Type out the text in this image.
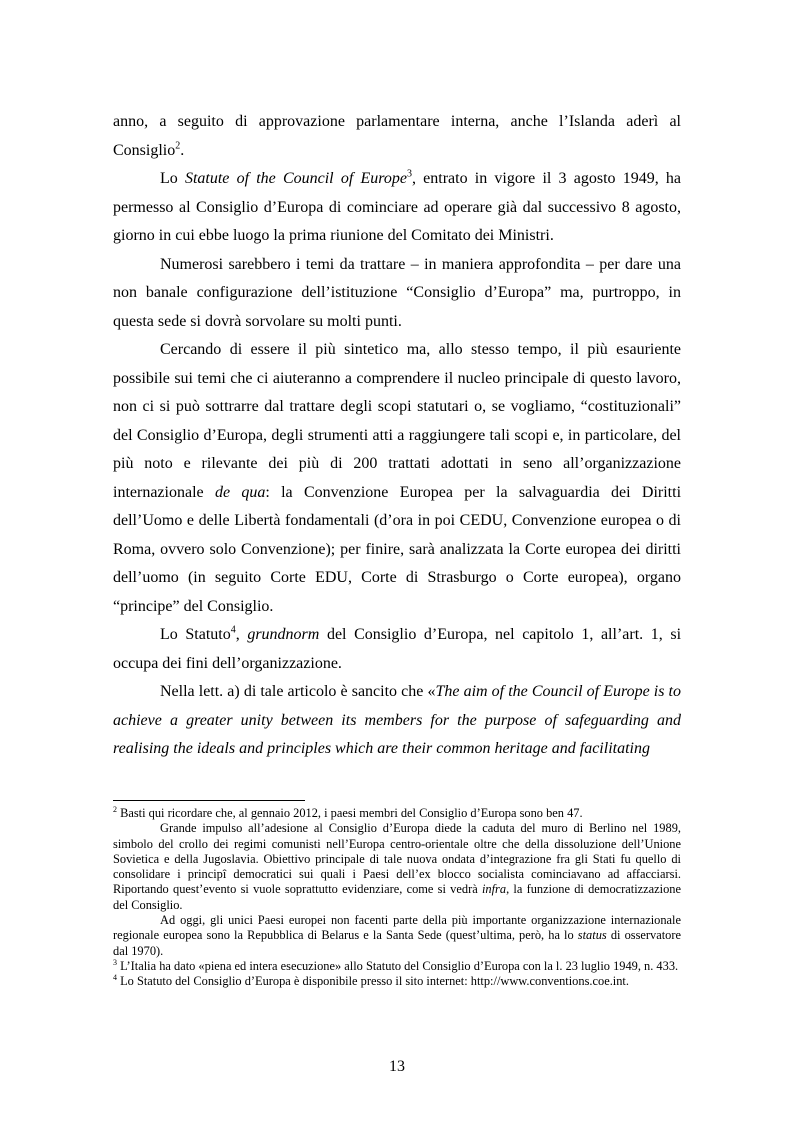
anno, a seguito di approvazione parlamentare interna, anche l’Islanda aderì al Consiglio$^2$.

Lo Statute of the Council of Europe$^3$, entrato in vigore il 3 agosto 1949, ha permesso al Consiglio d’Europa di cominciare ad operare già dal successivo 8 agosto, giorno in cui ebbe luogo la prima riunione del Comitato dei Ministri.

Numerosi sarebbero i temi da trattare – in maniera approfondita – per dare una non banale configurazione dell’istituzione “Consiglio d’Europa” ma, purtroppo, in questa sede si dovrà sorvolare su molti punti.

Cercando di essere il più sintetico ma, allo stesso tempo, il più esauriente possibile sui temi che ci aiuteranno a comprendere il nucleo principale di questo lavoro, non ci si può sottrarre dal trattare degli scopi statutari o, se vogliamo, “costituzionali” del Consiglio d’Europa, degli strumenti atti a raggiungere tali scopi e, in particolare, del più noto e rilevante dei più di 200 trattati adottati in seno all’organizzazione internazionale de qua: la Convenzione Europea per la salvaguardia dei Diritti dell’Uomo e delle Libertà fondamentali (d’ora in poi CEDU, Convenzione europea o di Roma, ovvero solo Convenzione); per finire, sarà analizzata la Corte europea dei diritti dell’uomo (in seguito Corte EDU, Corte di Strasburgo o Corte europea), organo “principe” del Consiglio.

Lo Statuto$^4$, grundnorm del Consiglio d’Europa, nel capitolo 1, all’art. 1, si occupa dei fini dell’organizzazione.

Nella lett. a) di tale articolo è sancito che «The aim of the Council of Europe is to achieve a greater unity between its members for the purpose of safeguarding and realising the ideals and principles which are their common heritage and facilitating

$^2$ Basti qui ricordare che, al gennaio 2012, i paesi membri del Consiglio d’Europa sono ben 47.

Grande impulso all’adesione al Consiglio d’Europa diede la caduta del muro di Berlino nel 1989, simbolo del crollo dei regimi comunisti nell’Europa centro-orientale oltre che della dissoluzione dell’Unione Sovietica e della Jugoslavia. Obiettivo principale di tale nuova ondata d’integrazione fra gli Stati fu quello di consolidare i principî democratici sui quali i Paesi dell’ex blocco socialista cominciavano ad affacciarsi. Riportando quest’evento si vuole soprattutto evidenziare, come si vedrà infra, la funzione di democratizzazione del Consiglio.

Ad oggi, gli unici Paesi europei non facenti parte della più importante organizzazione internazionale regionale europea sono la Repubblica di Belarus e la Santa Sede (quest’ultima, però, ha lo status di osservatore dal 1970).

$^3$ L’Italia ha dato «piena ed intera esecuzione» allo Statuto del Consiglio d’Europa con la l. 23 luglio 1949, n. 433.

$^4$ Lo Statuto del Consiglio d’Europa è disponibile presso il sito internet: http://www.conventions.coe.int.

13
